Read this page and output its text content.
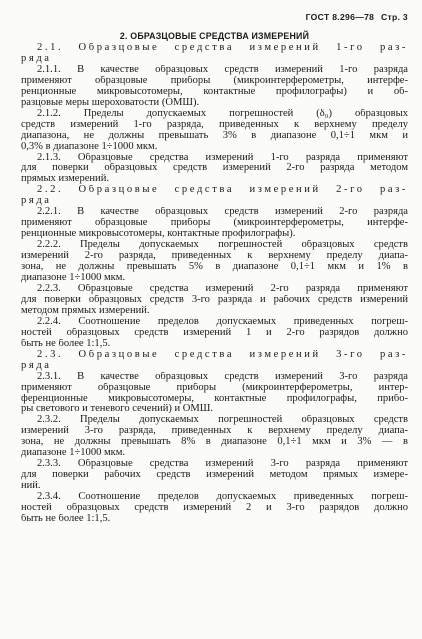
ГОСТ 8.296—78 Стр. 3
2. ОБРАЗЦОВЫЕ СРЕДСТВА ИЗМЕРЕНИЙ
2.1. Образцовые средства измерений 1-го раз-
ряда
2.1.1. В качестве образцовых средств измерений 1-го разряда
применяют образцовые приборы (микроинтерферометры, интерфе-
ренционные микровысотомеры, контактные профилографы) и об-
разцовые меры шероховатости (ОМШ).
2.1.2. Пределы допускаемых погрешностей (δ₀) образцовых
средств измерений 1-го разряда, приведенных к верхнему пределу
диапазона, не должны превышать 3% в диапазоне 0,1÷1 мкм и
0,3% в диапазоне 1÷1000 мкм.
2.1.3. Образцовые средства измерений 1-го разряда применяют
для поверки образцовых средств измерений 2-го разряда методом
прямых измерений.
2.2. Образцовые средства измерений 2-го раз-
ряда
2.2.1. В качестве образцовых средств измерений 2-го разряда
применяют образцовые приборы (микроинтерферометры, интерфе-
ренционные микровысотомеры, контактные профилографы).
2.2.2. Пределы допускаемых погрешностей образцовых средств
измерений 2-го разряда, приведенных к верхнему пределу диапа-
зона, не должны превышать 5% в диапазоне 0,1÷1 мкм и 1% в
диапазоне 1÷1000 мкм.
2.2.3. Образцовые средства измерений 2-го разряда применяют
для поверки образцовых средств 3-го разряда и рабочих средств измерений
методом прямых измерений.
2.2.4. Соотношение пределов допускаемых приведенных погреш-
ностей образцовых средств измерений 1 и 2-го разрядов должно
быть не более 1:1,5.
2.3. Образцовые средства измерений 3-го раз-
ряда
2.3.1. В качестве образцовых средств измерений 3-го разряда
применяют образцовые приборы (микроинтерферометры, интер-
ференционные микровысотомеры, контактные профилографы, прибо-
ры светового и теневого сечений) и ОМШ.
2.3.2. Пределы допускаемых погрешностей образцовых средств
измерений 3-го разряда, приведенных к верхнему пределу диапа-
зона, не должны превышать 8% в диапазоне 0,1÷1 мкм и 3% — в
диапазоне 1÷1000 мкм.
2.3.3. Образцовые средства измерений 3-го разряда применяют
для поверки рабочих средств измерений методом прямых измере-
ний.
2.3.4. Соотношение пределов допускаемых приведенных погреш-
ностей образцовых средств измерений 2 и 3-го разрядов должно
быть не более 1:1,5.
